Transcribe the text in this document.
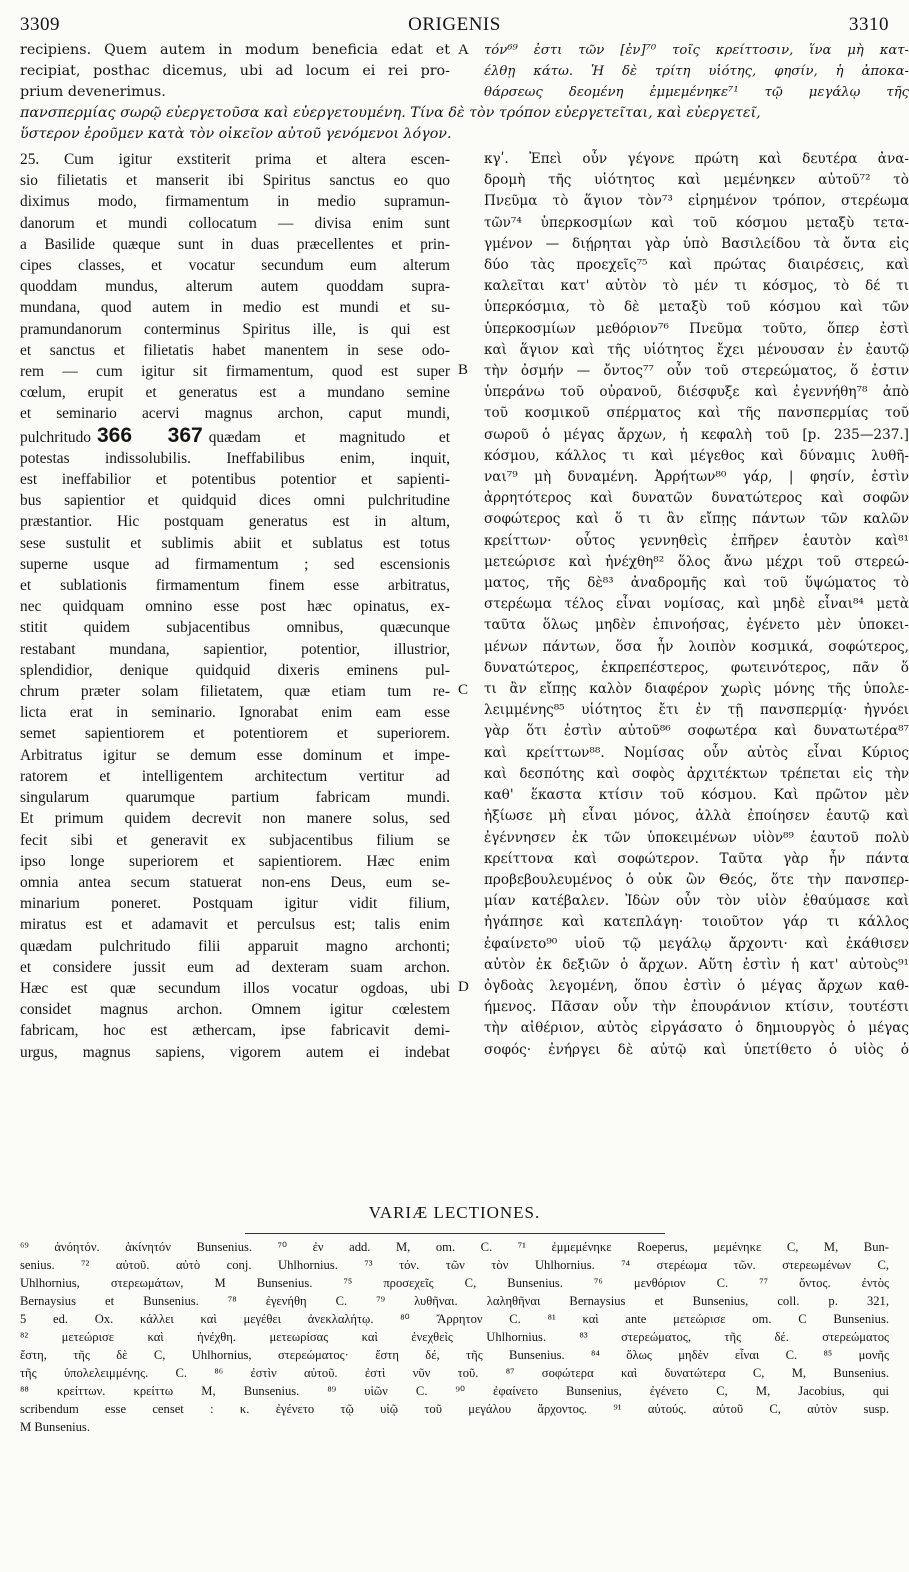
3309	ORIGENIS	3310
recipiens. Quem autem in modum beneficia edat et
recipiat, posthac dicemus, ubi ad locum ei rei pro-
prium devenerimus.
A τόν⁶⁹ ἐστι τῶν [ἐν]⁷⁰ τοῖς κρείττοσιν, ἵνα μὴ κατ-
έλθῃ κάτω. Ἡ δὲ τρίτη υἱότης, φησίν, ἡ ἀποκα-
θάρσεως δεομένη ἐμμεμένηκε⁷¹ τῷ μεγάλῳ τῆς
πανσπερμίας σωρῷ εὐεργετοῦσα καὶ εὐεργετουμένη. Τίνα δὲ τὸν τρόπον εὐεργετεῖται, καὶ εὐεργετεῖ,
ὕστερον ἐροῦμεν κατὰ τὸν οἰκεῖον αὐτοῦ γενόμενοι λόγον.
25. Cum igitur exstiterit prima et altera escen-
sio filietatis et manserit ibi Spiritus sanctus eo quo
diximus modo, firmamentum in medio supramun-
danorum et mundi collocatum — divisa enim sunt
a Basilide quæque sunt in duas præcellentes et prin-
cipes classes, et vocatur secundum eum alterum
quoddam mundus, alterum autem quoddam supra-
mundana, quod autem in medio est mundi et su-
pramundanorum conterminus Spiritus ille, is qui est
et sanctus et filietatis habet manentem in sese odo-
rem — cum igitur sit firmamentum, quod est super
cœlum, erupit et generatus est a mundano semine
et seminario acervi magnus archon, caput mundi,
pulchritudo 366 367 quædam et magnitudo et
potestas indissolubilis. Ineffabilibus enim, inquit,
est ineffabilior et potentibus potentior et sapienti-
bus sapientior et quidquid dices omni pulchritudine
præstantior. Hic postquam generatus est in altum,
sese sustulit et sublimis abiit et sublatus est totus
superne usque ad firmamentum ; sed escensionis
et sublationis firmamentum finem esse arbitratus,
nec quidquam omnino esse post hæc opinatus, ex-
stitit quidem subjacentibus omnibus, quæcunque
restabant mundana, sapientior, potentior, illustrior,
splendidior, denique quidquid dixeris eminens pul-
chrum præter solam filietatem, quæ etiam tum re-
licta erat in seminario. Ignorabat enim eam esse
semet sapientiorem et potentiorem et superiorem.
Arbitratus igitur se demum esse dominum et impe-
ratorem et intelligentem architectum vertitur ad
singularum quarumque partium fabricam mundi.
Et primum quidem decrevit non manere solus, sed
fecit sibi et generavit ex subjacentibus filium se
ipso longe superiorem et sapientiorem. Hæc enim
omnia antea secum statuerat non-ens Deus, eum se-
minarium poneret. Postquam igitur vidit filium,
miratus est et adamavit et perculsus est; talis enim
quædam pulchritudo filii apparuit magno archonti;
et considere jussit eum ad dexteram suam archon.
Hæc est quæ secundum illos vocatur ogdoas, ubi
considet magnus archon. Omnem igitur cœlestem
fabricam, hoc est æthercam, ipse fabricavit demi-
urgus, magnus sapiens, vigorem autem ei indebat
B
C
D
κγʹ. Ἐπεὶ οὖν γέγονε πρώτη καὶ δευτέρα ἀνα-
δρομὴ τῆς υἱότητος καὶ μεμένηκεν αὐτοῦ⁷² τὸ
Πνεῦμα τὸ ἅγιον τὸν⁷³ εἰρημένον τρόπον, στερέωμα
τῶν⁷⁴ ὑπερκοσμίων καὶ τοῦ κόσμου μεταξὺ τετα-
γμένον — διῄρηται γὰρ ὑπὸ Βασιλείδου τὰ ὄντα εἰς
δύο τὰς προεχεῖς⁷⁵ καὶ πρώτας διαιρέσεις, καὶ
καλεῖται κατ' αὐτὸν τὸ μέν τι κόσμος, τὸ δέ τι
ὑπερκόσμια, τὸ δὲ μεταξὺ τοῦ κόσμου καὶ τῶν
ὑπερκοσμίων μεθόριον⁷⁶ Πνεῦμα τοῦτο, ὅπερ ἐστὶ
καὶ ἅγιον καὶ τῆς υἱότητος ἔχει μένουσαν ἐν ἑαυτῷ
τὴν ὀσμήν — ὄντος⁷⁷ οὖν τοῦ στερεώματος, ὅ ἐστιν
ὑπεράνω τοῦ οὐρανοῦ, διέσφυξε καὶ ἐγεννήθη⁷⁸ ἀπὸ
τοῦ κοσμικοῦ σπέρματος καὶ τῆς πανσπερμίας τοῦ
σωροῦ ὁ μέγας ἄρχων, ἡ κεφαλὴ τοῦ [p. 235—237.]
κόσμου, κάλλος τι καὶ μέγεθος καὶ δύναμις λυθῆ-
ναι⁷⁹ μὴ δυναμένη. Ἀρρήτων⁸⁰ γάρ, | φησίν, ἐστὶν
ἀρρητότερος καὶ δυνατῶν δυνατώτερος καὶ σοφῶν
σοφώτερος καὶ ὅ τι ἂν εἴπῃς πάντων τῶν καλῶν
κρείττων· οὗτος γεννηθεὶς ἐπῆρεν ἑαυτὸν καὶ⁸¹
μετεώρισε καὶ ἠνέχθη⁸² ὅλος ἄνω μέχρι τοῦ στερεώ-
ματος, τῆς δὲ⁸³ ἀναδρομῆς καὶ τοῦ ὕψώματος τὸ
στερέωμα τέλος εἶναι νομίσας, καὶ μηδὲ εἶναι⁸⁴ μετὰ
ταῦτα ὅλως μηδὲν ἐπινοήσας, ἐγένετο μὲν ὑποκει-
μένων πάντων, ὅσα ἦν λοιπὸν κοσμικά, σοφώτερος,
δυνατώτερος, ἐκπρεπέστερος, φωτεινότερος, πᾶν ὅ
τι ἂν εἴπῃς καλὸν διαφέρον χωρὶς μόνης τῆς ὑπολε-
λειμμένης⁸⁵ υἱότητος ἔτι ἐν τῇ πανσπερμίᾳ· ἠγνόει
γὰρ ὅτι ἐστὶν αὐτοῦ⁸⁶ σοφωτέρα καὶ δυνατωτέρα⁸⁷
καὶ κρείττων⁸⁸. Νομίσας οὖν αὐτὸς εἶναι Κύριος
καὶ δεσπότης καὶ σοφὸς ἀρχιτέκτων τρέπεται εἰς τὴν
καθ' ἕκαστα κτίσιν τοῦ κόσμου. Καὶ πρῶτον μὲν
ἠξίωσε μὴ εἶναι μόνος, ἀλλὰ ἐποίησεν ἑαυτῷ καὶ
ἐγέννησεν ἐκ τῶν ὑποκειμένων υἱὸν⁸⁹ ἑαυτοῦ πολὺ
κρείττονα καὶ σοφώτερον. Ταῦτα γὰρ ἦν πάντα
προβεβουλευμένος ὁ οὐκ ὢν Θεός, ὅτε τὴν πανσπερ-
μίαν κατέβαλεν. Ἰδὼν οὖν τὸν υἱὸν ἐθαύμασε καὶ
ἠγάπησε καὶ κατεπλάγη· τοιοῦτον γάρ τι κάλλος
ἐφαίνετο⁹⁰ υἱοῦ τῷ μεγάλῳ ἄρχοντι· καὶ ἐκάθισεν
αὐτὸν ἐκ δεξιῶν ὁ ἄρχων. Αὕτη ἐστὶν ἡ κατ' αὐτοὺς⁹¹
ὀγδοὰς λεγομένη, ὅπου ἐστὶν ὁ μέγας ἄρχων καθ-
ήμενος. Πᾶσαν οὖν τὴν ἐπουράνιον κτίσιν, τουτέστι
τὴν αἰθέριον, αὐτὸς εἰργάσατο ὁ δημιουργὸς ὁ μέγας
σοφός· ἐνήργει δὲ αὐτῷ καὶ ὑπετίθετο ὁ υἱὸς ὁ
VARIÆ LECTIONES.
⁶⁹ ἀνόητόν. ἀκίνητόν Bunsenius. ⁷⁰ ἐν add. M, om. C. ⁷¹ ἐμμεμένηκε Roeperus, μεμένηκε C, M, Bun-
senius. ⁷² αὐτοῦ. αὐτὸ conj. Uhlhornius. ⁷³ τόν. τῶν τὸν Uhlhornius. ⁷⁴ στερέωμα τῶν. στερεωμένων C,
Uhlhornius, στερεωμάτων, M Bunsenius. ⁷⁵ προσεχεῖς C, Bunsenius. ⁷⁶ μενθόριον C. ⁷⁷ ὄντος. ἐντὸς
Bernaysius et Bunsenius. ⁷⁸ ἐγενήθη C. ⁷⁹ λυθῆναι. λαληθῆναι Bernaysius et Bunsenius, coll. p. 321,
5 ed. Ox. κάλλει καὶ μεγέθει ἀνεκλαλήτῳ. ⁸⁰ Ἄρρητον C. ⁸¹ καὶ ante μετεώρισε om. C Bunsenius.
⁸² μετεώρισε καὶ ἠνέχθη. μετεωρίσας καὶ ἐνεχθεὶς Uhlhornius. ⁸³ στερεώματος, τῆς δέ. στερεώματος
ἔστη, τῆς δὲ C, Uhlhornius, στερεώματος· ἔστη δέ, τῆς Bunsenius. ⁸⁴ ὅλως μηδὲν εἶναι C. ⁸⁵ μονῆς
τῆς ὑπολελειμμένης. C. ⁸⁶ ἐστὶν αὐτοῦ. ἐστὶ νῦν τοῦ. ⁸⁷ σοφώτερα καὶ δυνατώτερα C, M, Bunsenius.
⁸⁸ κρείττων. κρείττω M, Bunsenius. ⁸⁹ υἱῶν C. ⁹⁰ ἐφαίνετο Bunsenius, ἐγένετο C, M, Jacobius, qui
scribendum esse censet : κ. ἐγένετο τῷ υἱῷ τοῦ μεγάλου ἄρχοντος. ⁹¹ αὐτούς. αὐτοῦ C, αὐτὸν susp.
M Bunsenius.
